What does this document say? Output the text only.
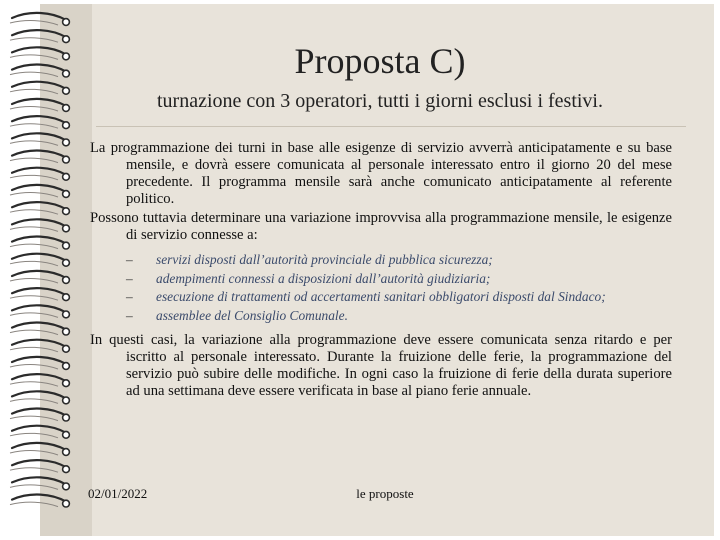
Proposta C)
turnazione con 3 operatori, tutti i giorni esclusi i festivi.

La programmazione dei turni in base alle esigenze di servizio avverrà anticipatamente e su base mensile, e dovrà essere comunicata al personale interessato entro il giorno 20 del mese precedente. Il programma mensile sarà anche comunicato anticipatamente al referente politico.

Possono tuttavia determinare una variazione improvvisa alla programmazione mensile, le esigenze di servizio connesse a:

– servizi disposti dall’autorità provinciale di pubblica sicurezza;
– adempimenti connessi a disposizioni dall’autorità giudiziaria;
– esecuzione di trattamenti od accertamenti sanitari obbligatori disposti dal Sindaco;
– assemblee del Consiglio Comunale.

In questi casi, la variazione alla programmazione deve essere comunicata senza ritardo e per iscritto al personale interessato. Durante la fruizione delle ferie, la programmazione del servizio può subire delle modifiche. In ogni caso la fruizione di ferie della durata superiore ad una settimana deve essere verificata in base al piano ferie annuale.

02/01/2022	le proposte
